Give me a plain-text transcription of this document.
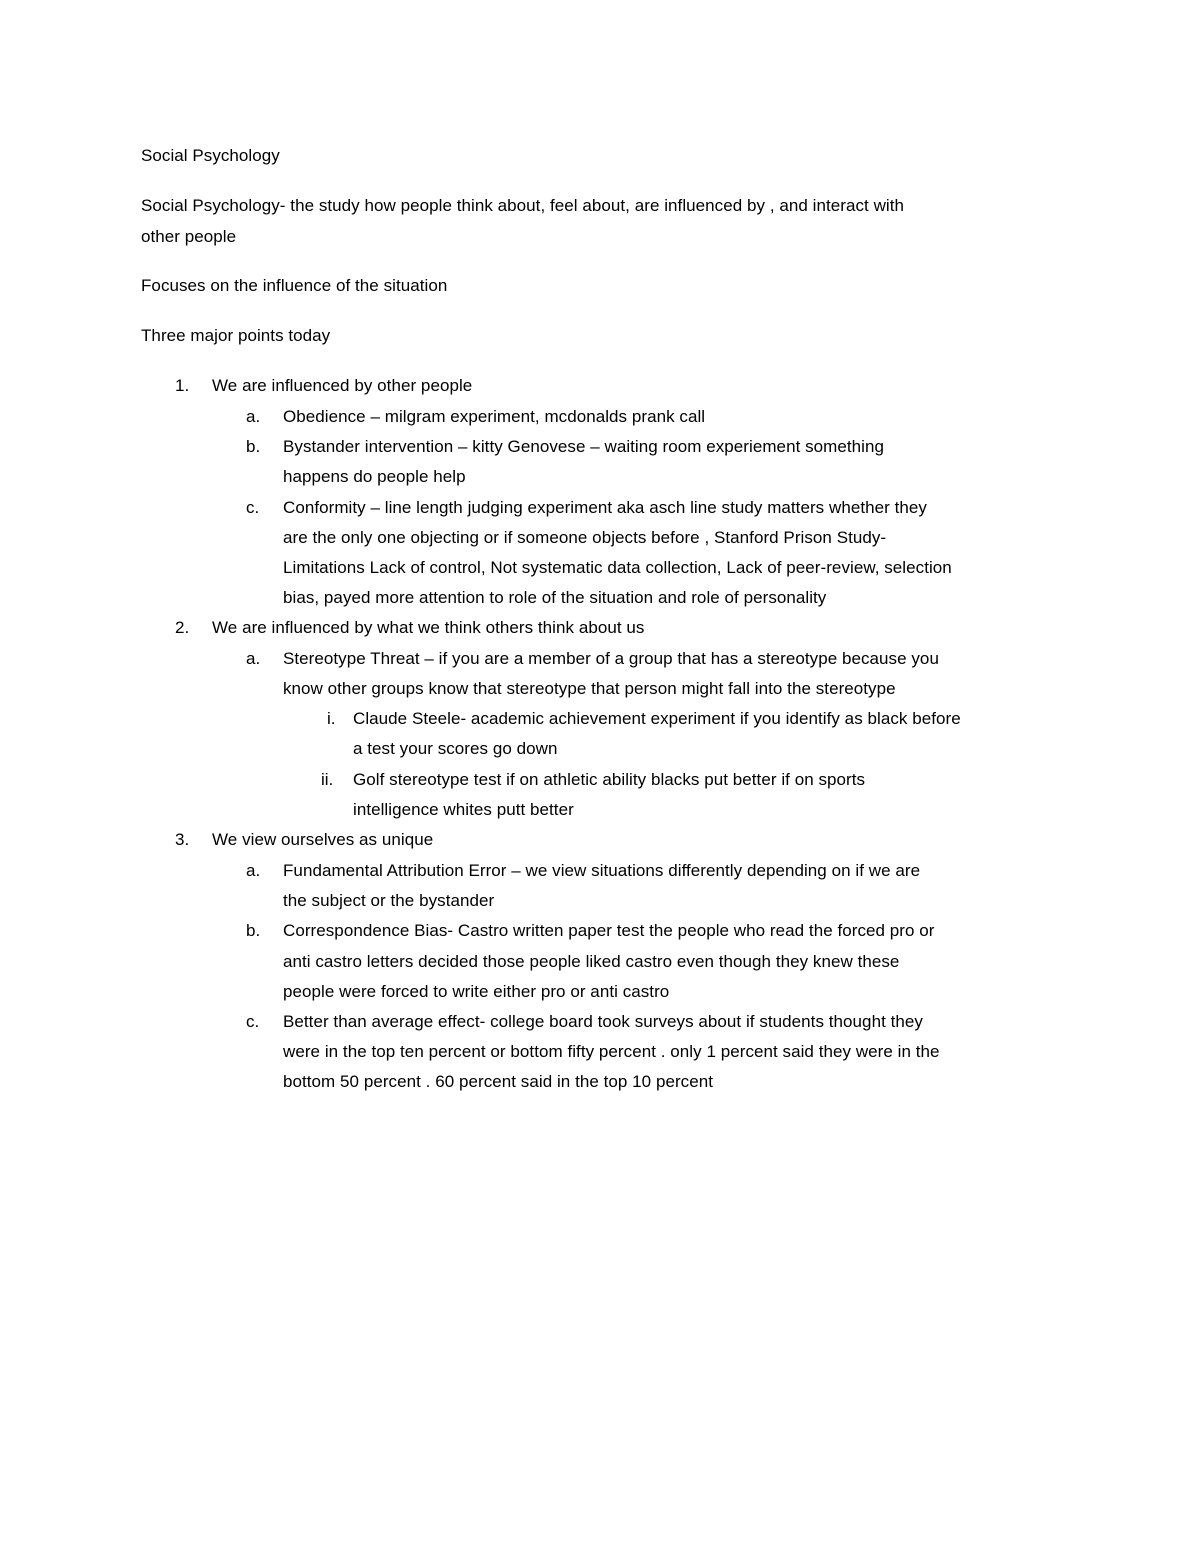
Social Psychology
Social Psychology- the study how people think about, feel about, are influenced by , and interact with
other people
Focuses on the influence of the situation
Three major points today
1. We are influenced by other people
a. Obedience – milgram experiment, mcdonalds prank call
b. Bystander intervention – kitty Genovese – waiting room experiement something
happens do people help
c. Conformity – line length judging experiment aka asch line study matters whether they
are the only one objecting or if someone objects before , Stanford Prison Study-
Limitations Lack of control, Not systematic data collection, Lack of peer-review, selection
bias, payed more attention to role of the situation and role of personality
2. We are influenced by what we think others think about us
a. Stereotype Threat – if you are a member of a group that has a stereotype because you
know other groups know that stereotype that person might fall into the stereotype
i. Claude Steele- academic achievement experiment if you identify as black before
a test your scores go down
ii. Golf stereotype test if on athletic ability blacks put better if on sports
intelligence whites putt better
3. We view ourselves as unique
a. Fundamental Attribution Error – we view situations differently depending on if we are
the subject or the bystander
b. Correspondence Bias- Castro written paper test the people who read the forced pro or
anti castro letters decided those people liked castro even though they knew these
people were forced to write either pro or anti castro
c. Better than average effect- college board took surveys about if students thought they
were in the top ten percent or bottom fifty percent . only 1 percent said they were in the
bottom 50 percent . 60 percent said in the top 10 percent
